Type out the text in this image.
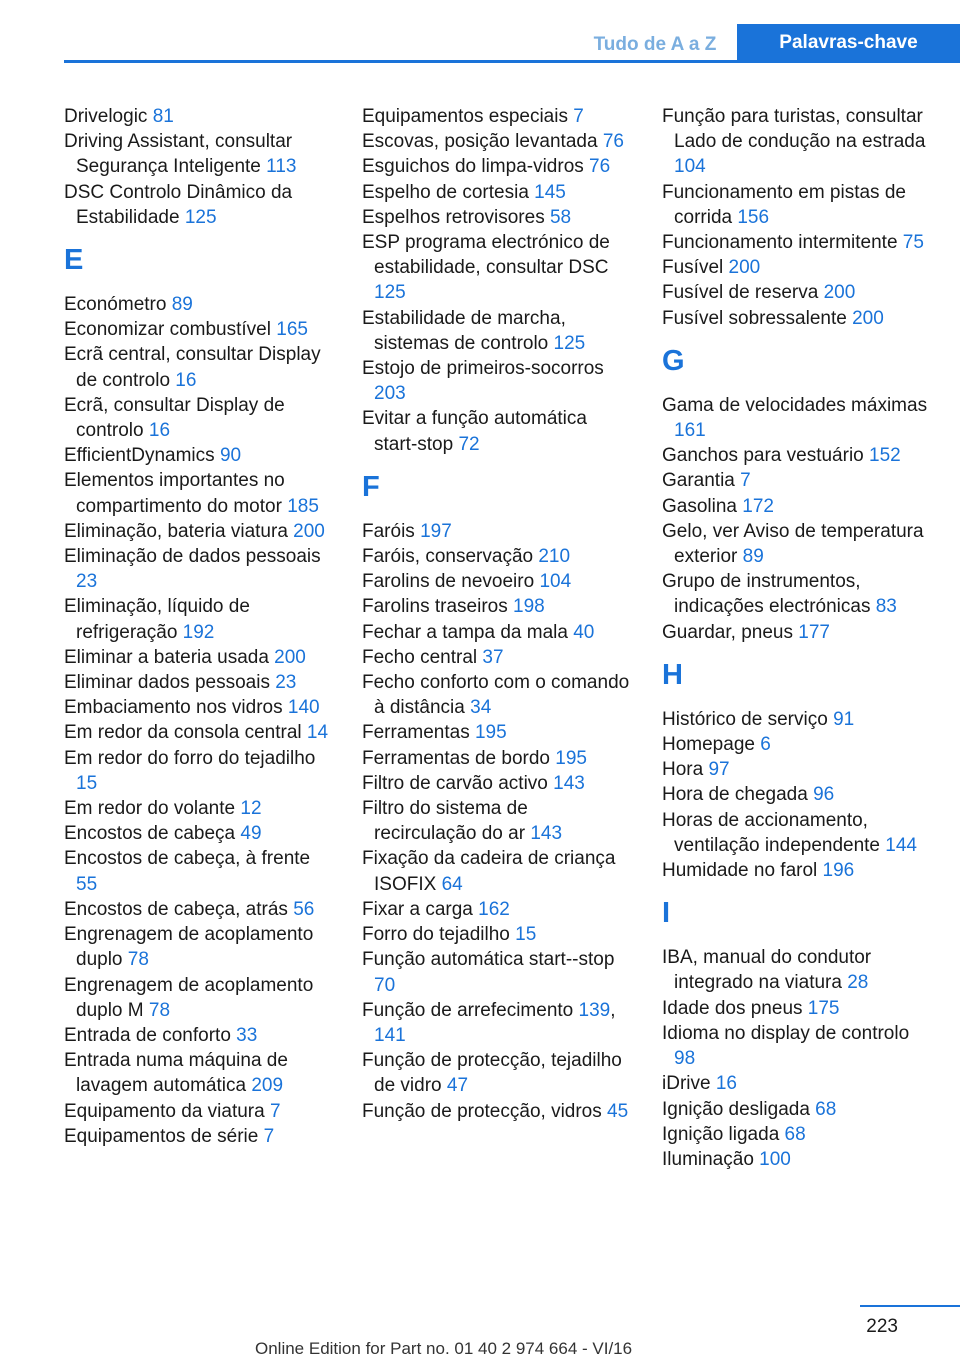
Tudo de A a Z	Palavras-chave
Drivelogic 81
Driving Assistant, consultar Segurança Inteligente 113
DSC Controlo Dinâmico da Estabilidade 125
E
Económetro 89
Economizar combustível 165
Ecrã central, consultar Display de controlo 16
Ecrã, consultar Display de controlo 16
EfficientDynamics 90
Elementos importantes no compartimento do motor 185
Eliminação, bateria viatura 200
Eliminação de dados pessoais 23
Eliminação, líquido de refrigeração 192
Eliminar a bateria usada 200
Eliminar dados pessoais 23
Embaciamento nos vidros 140
Em redor da consola central 14
Em redor do forro do tejadilho 15
Em redor do volante 12
Encostos de cabeça 49
Encostos de cabeça, à frente 55
Encostos de cabeça, atrás 56
Engrenagem de acoplamento duplo 78
Engrenagem de acoplamento duplo M 78
Entrada de conforto 33
Entrada numa máquina de lavagem automática 209
Equipamento da viatura 7
Equipamentos de série 7
Equipamentos especiais 7
Escovas, posição levantada 76
Esguichos do limpa-vidros 76
Espelho de cortesia 145
Espelhos retrovisores 58
ESP programa electrónico de estabilidade, consultar DSC 125
Estabilidade de marcha, sistemas de controlo 125
Estojo de primeiros-socorros 203
Evitar a função automática start-stop 72
F
Faróis 197
Faróis, conservação 210
Farolins de nevoeiro 104
Farolins traseiros 198
Fechar a tampa da mala 40
Fecho central 37
Fecho conforto com o comando à distância 34
Ferramentas 195
Ferramentas de bordo 195
Filtro de carvão activo 143
Filtro do sistema de recirculação do ar 143
Fixação da cadeira de criança ISOFIX 64
Fixar a carga 162
Forro do tejadilho 15
Função automática start--stop 70
Função de arrefecimento 139, 141
Função de protecção, tejadilho de vidro 47
Função de protecção, vidros 45
Função para turistas, consultar Lado de condução na estrada 104
Funcionamento em pistas de corrida 156
Funcionamento intermitente 75
Fusível 200
Fusível de reserva 200
Fusível sobressalente 200
G
Gama de velocidades máximas 161
Ganchos para vestuário 152
Garantia 7
Gasolina 172
Gelo, ver Aviso de temperatura exterior 89
Grupo de instrumentos, indicações electrónicas 83
Guardar, pneus 177
H
Histórico de serviço 91
Homepage 6
Hora 97
Hora de chegada 96
Horas de accionamento, ventilação independente 144
Humidade no farol 196
I
IBA, manual do condutor integrado na viatura 28
Idade dos pneus 175
Idioma no display de controlo 98
iDrive 16
Ignição desligada 68
Ignição ligada 68
Iluminação 100
223
Online Edition for Part no. 01 40 2 974 664 - VI/16
